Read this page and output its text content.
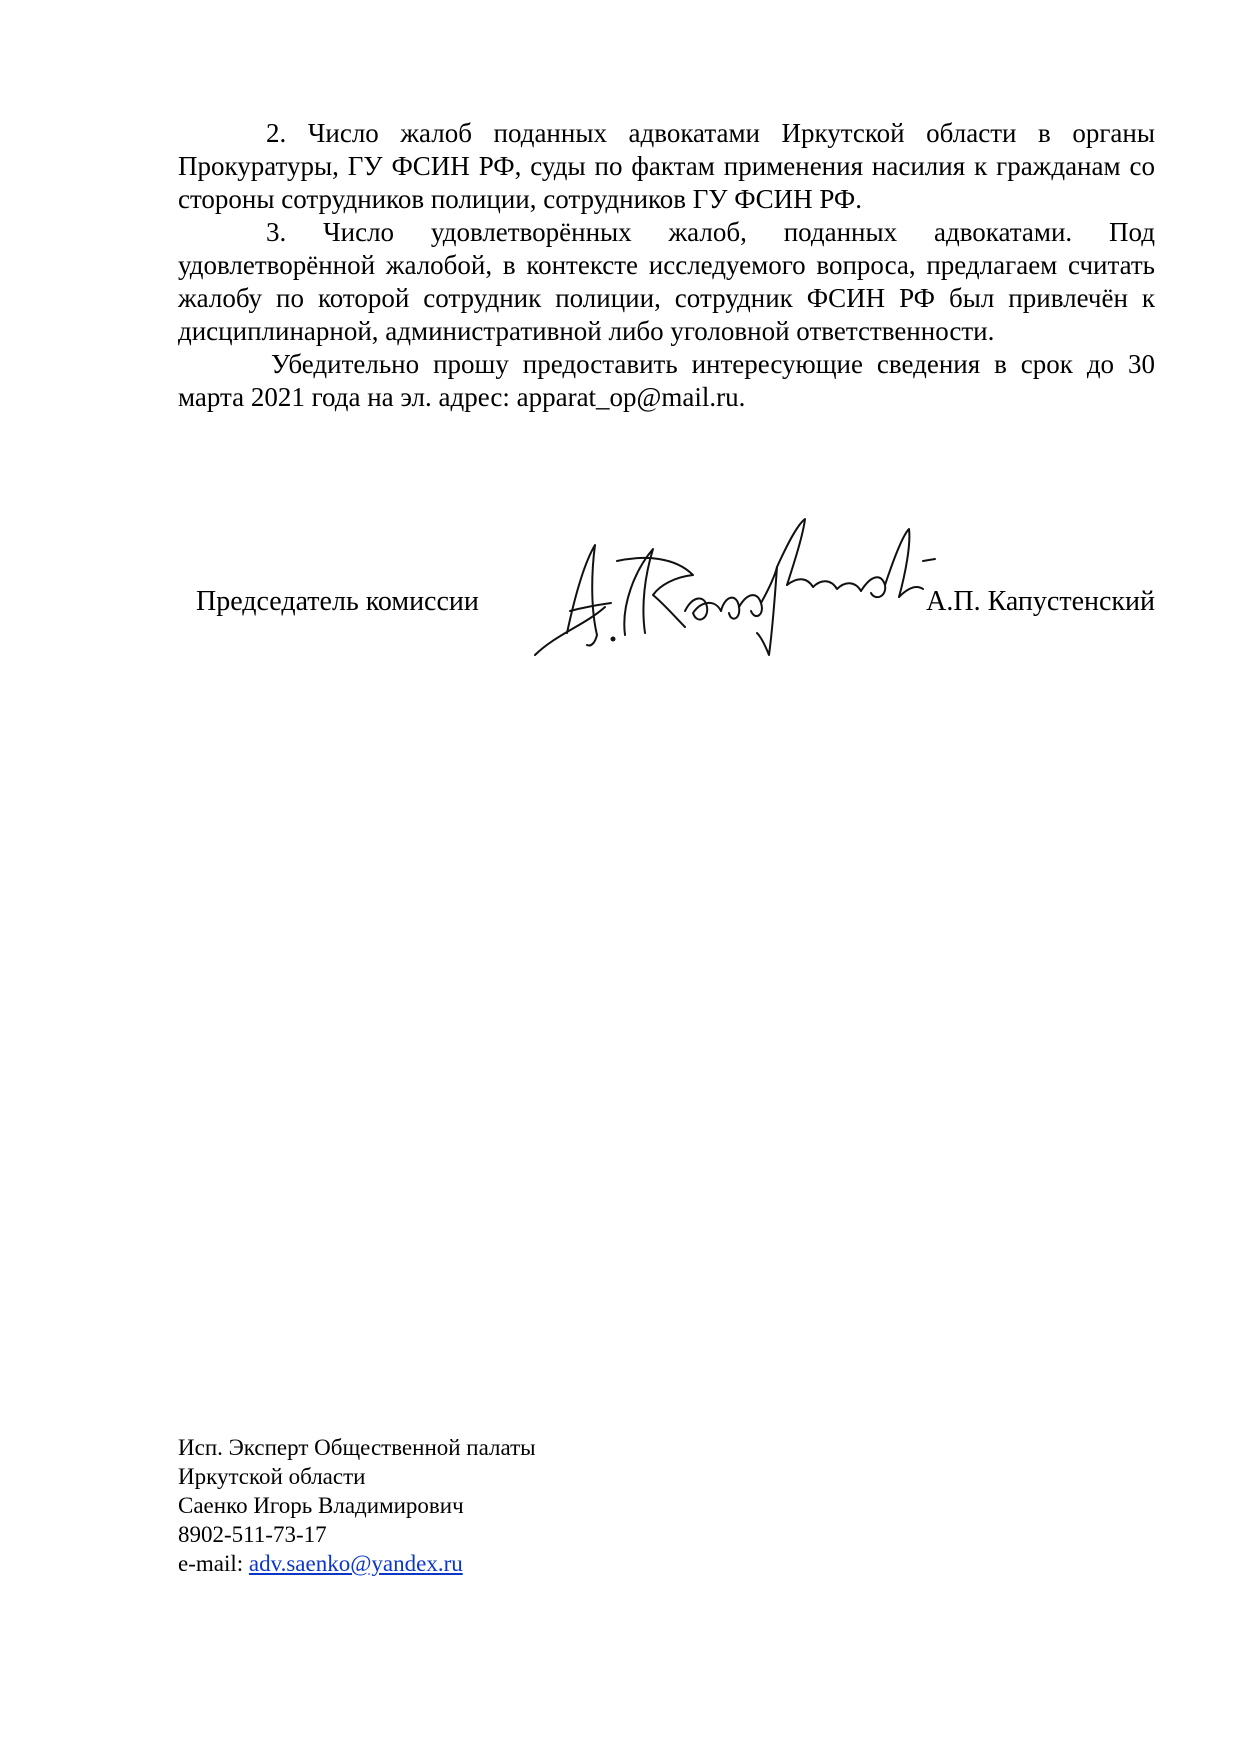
2. Число жалоб поданных адвокатами Иркутской области в органы Прокуратуры, ГУ ФСИН РФ, суды по фактам применения насилия к гражданам со стороны сотрудников полиции, сотрудников ГУ ФСИН РФ.

3. Число удовлетворённых жалоб, поданных адвокатами. Под удовлетворённой жалобой, в контексте исследуемого вопроса, предлагаем считать жалобу по которой сотрудник полиции, сотрудник ФСИН РФ был привлечён к дисциплинарной, административной либо уголовной ответственности.

Убедительно прошу предоставить интересующие сведения в срок до 30 марта 2021 года на эл. адрес: apparat_op@mail.ru.

Председатель комиссии	А.П. Капустенский
Исп. Эксперт Общественной палаты
Иркутской области
Саенко Игорь Владимирович
8902-511-73-17
e-mail: adv.saenko@yandex.ru
